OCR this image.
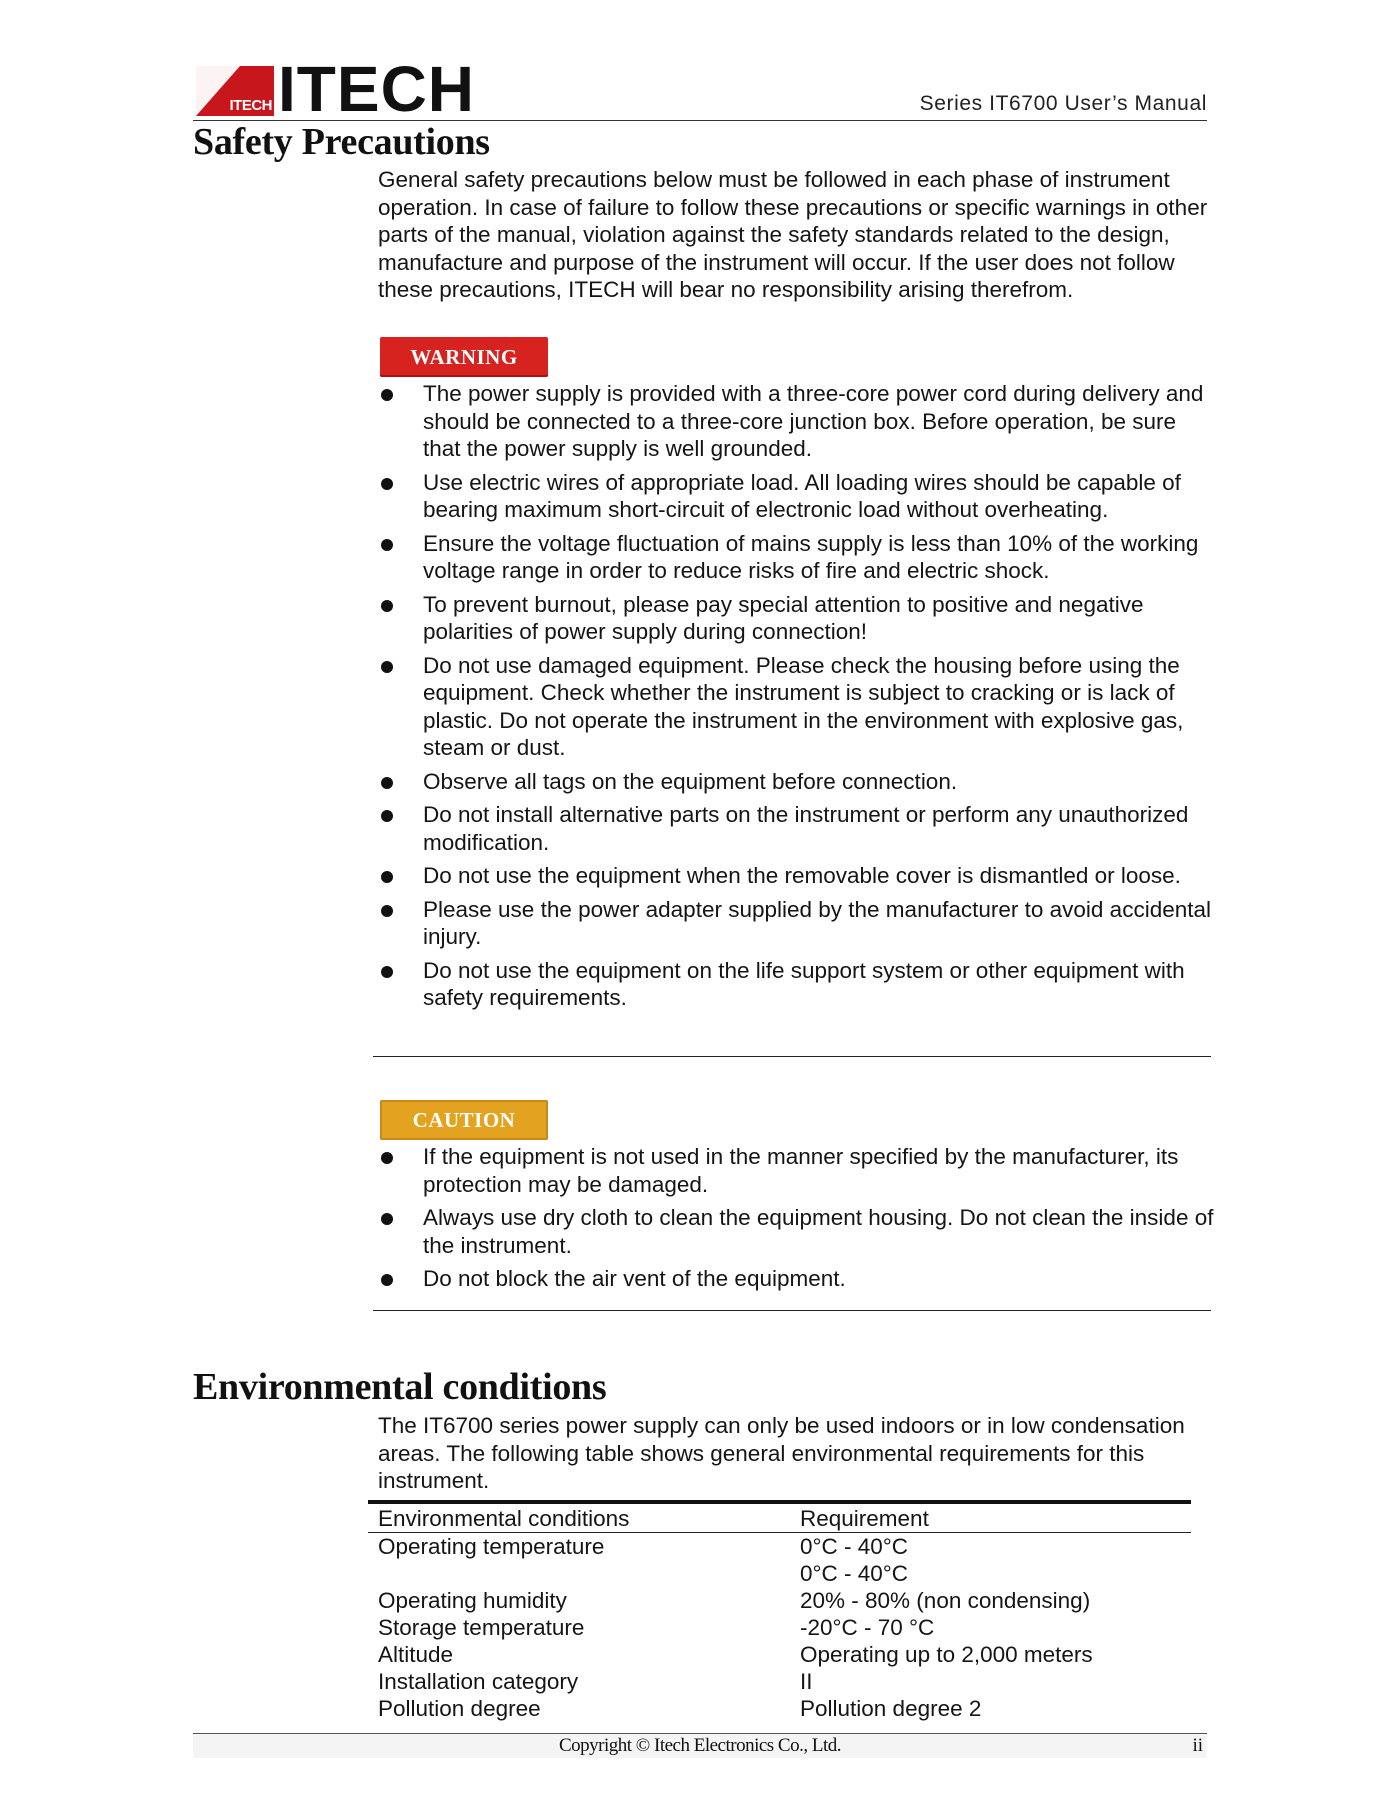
ITECH ITECH	Series IT6700 User’s Manual
Safety Precautions
General safety precautions below must be followed in each phase of instrument operation. In case of failure to follow these precautions or specific warnings in other parts of the manual, violation against the safety standards related to the design, manufacture and purpose of the instrument will occur. If the user does not follow these precautions, ITECH will bear no responsibility arising therefrom.
WARNING
The power supply is provided with a three-core power cord during delivery and should be connected to a three-core junction box. Before operation, be sure that the power supply is well grounded.
Use electric wires of appropriate load. All loading wires should be capable of bearing maximum short-circuit of electronic load without overheating.
Ensure the voltage fluctuation of mains supply is less than 10% of the working voltage range in order to reduce risks of fire and electric shock.
To prevent burnout, please pay special attention to positive and negative polarities of power supply during connection!
Do not use damaged equipment. Please check the housing before using the equipment. Check whether the instrument is subject to cracking or is lack of plastic. Do not operate the instrument in the environment with explosive gas, steam or dust.
Observe all tags on the equipment before connection.
Do not install alternative parts on the instrument or perform any unauthorized modification.
Do not use the equipment when the removable cover is dismantled or loose.
Please use the power adapter supplied by the manufacturer to avoid accidental injury.
Do not use the equipment on the life support system or other equipment with safety requirements.
CAUTION
If the equipment is not used in the manner specified by the manufacturer, its protection may be damaged.
Always use dry cloth to clean the equipment housing. Do not clean the inside of the instrument.
Do not block the air vent of the equipment.
Environmental conditions
The IT6700 series power supply can only be used indoors or in low condensation areas. The following table shows general environmental requirements for this instrument.
Environmental conditions	Requirement
Operating temperature	0°C - 40°C
	0°C - 40°C
Operating humidity	20% - 80% (non condensing)
Storage temperature	-20°C - 70 °C
Altitude	Operating up to 2,000 meters
Installation category	II
Pollution degree	Pollution degree 2
Copyright © Itech Electronics Co., Ltd.	ii
